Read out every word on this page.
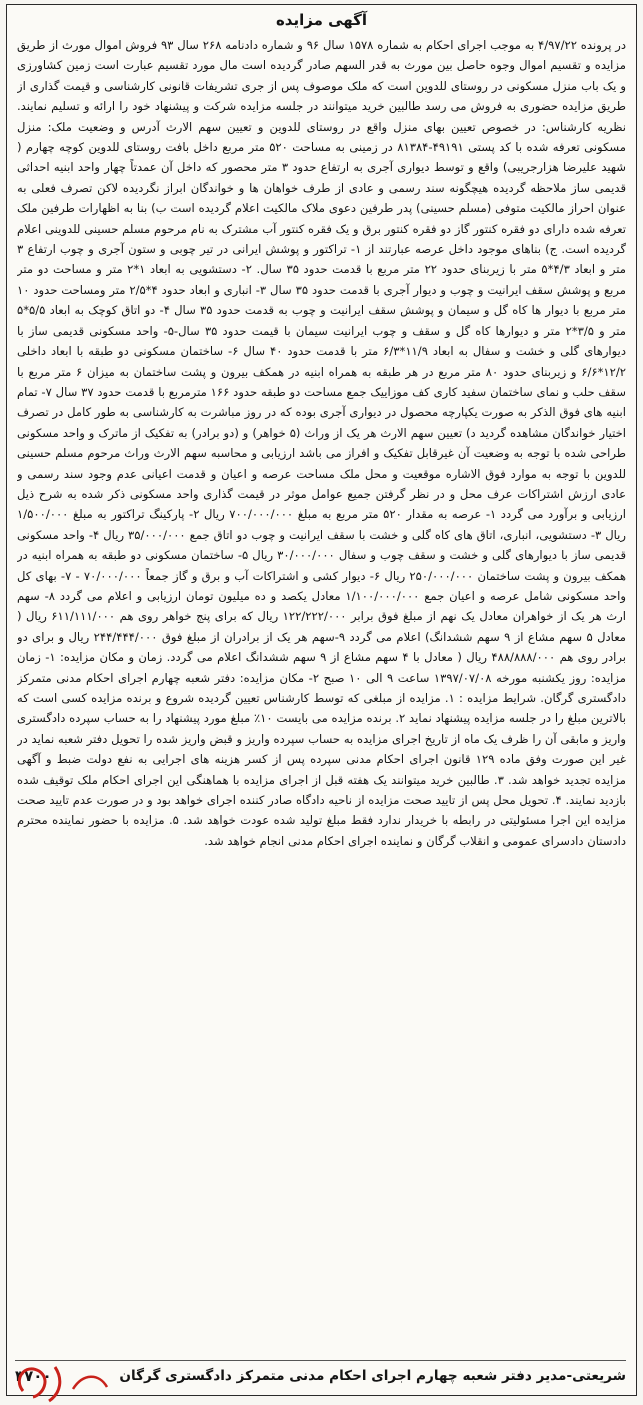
آگهی مزایده

در پرونده ۴/۹۷/۲۲ به موجب اجرای احکام به شماره ۱۵۷۸ سال ۹۶ و شماره دادنامه ۲۶۸ سال ۹۳ فروش اموال مورث از طریق مزایده و تقسیم اموال وجوه حاصل بین مورث به قدر السهم صادر گردیده است مال مورد تقسیم عبارت است زمین کشاورزی و یک باب منزل مسکونی در روستای للدوین است که ملک موصوف پس از جری تشریفات قانونی کارشناسی و قیمت گذاری از طریق مزایده حضوری به فروش می رسد طالبین خرید میتوانند در جلسه مزایده شرکت و پیشنهاد خود را ارائه و تسلیم نمایند. نظریه کارشناس: در خصوص تعیین بهای منزل واقع در روستای للدوین و تعیین سهم الارث آدرس و وضعیت ملک: منزل مسکونی تعرفه شده با کد پستی ۴۹۱۹۱-۸۱۳۸۴ در زمینی به مساحت ۵۲۰ متر مربع داخل بافت روستای للدوین کوچه چهارم ( شهید علیرضا هزارجریبی) واقع و توسط دیواری آجری به ارتفاع حدود ۳ متر محصور که داخل آن عمدتاً چهار واحد ابنیه احداثی قدیمی ساز ملاحظه گردیده هیچگونه سند رسمی و عادی از طرف خواهان ها و خواندگان ابراز نگردیده لاکن تصرف فعلی به عنوان احراز مالکیت متوفی (مسلم حسینی) پدر طرفین دعوی ملاک مالکیت اعلام گردیده است ب) بنا به اظهارات طرفین ملک تعرفه شده دارای دو فقره کنتور گاز دو فقره کنتور برق و یک فقره کنتور آب مشترک به نام مرحوم مسلم حسینی للدوینی اعلام گردیده است. ج) بناهای موجود داخل عرصه عبارتند از ۱- تراکتور و پوشش ایرانی در تیر چوبی و ستون آجری و چوب ارتفاع ۳ متر و ابعاد ۴/۳*۵ متر با زیربنای حدود ۲۲ متر مربع با قدمت حدود ۳۵ سال. ۲- دستشویی به ابعاد ۱*۲ متر و مساحت دو متر مربع و پوشش سقف ایرانیت و چوب و دیوار آجری با قدمت حدود ۳۵ سال ۳- انباری و ابعاد حدود ۴*۲/۵ متر ومساحت حدود ۱۰ متر مربع با دیوار ها کاه گل و سیمان و پوشش سقف ایرانیت و چوب به قدمت حدود ۳۵ سال ۴- دو اتاق کوچک به ابعاد ۵/۵*۵ متر و ۳/۵*۲ متر و دیوارها کاه گل و سقف و چوب ایرانیت سیمان با قیمت حدود ۳۵ سال-۵- واحد مسکونی قدیمی ساز با دیوارهای گلی و خشت و سفال به ابعاد ۱۱/۹*۶/۳ متر با قدمت حدود ۴۰ سال ۶- ساختمان مسکونی دو طبقه با ابعاد داخلی ۱۲/۲*۶/۶ و زیربنای حدود ۸۰ متر مربع در هر طبقه به همراه ابنیه در همکف بیرون و پشت ساختمان به میزان ۶ متر مربع با سقف حلب و نمای ساختمان سفید کاری کف موزاییک جمع مساحت دو طبقه حدود ۱۶۶ مترمربع با قدمت حدود ۳۷ سال ۷- تمام ابنیه های فوق الذکر به صورت یکپارچه محصول در دیواری آجری بوده که در روز مباشرت به کارشناسی به طور کامل در تصرف اختیار خواندگان مشاهده گردید د) تعیین سهم الارث هر یک از وراث (۵ خواهر) و (دو برادر) به تفکیک از ماترک و واحد مسکونی طراحی شده با توجه به وضعیت آن غیرقابل تفکیک و افراز می باشد ارزیابی و محاسبه سهم الارث وراث مرحوم مسلم حسینی للدوین با توجه به موارد فوق الاشاره موقعیت و محل ملک مساحت عرصه و اعیان و قدمت اعیانی عدم وجود سند رسمی و عادی ارزش اشتراکات عرف محل و در نظر گرفتن جمیع عوامل موثر در قیمت گذاری واحد مسکونی ذکر شده به شرح ذیل ارزیابی و برآورد می گردد ۱- عرصه به مقدار ۵۲۰ متر مربع به مبلغ ۷۰۰/۰۰۰/۰۰۰ ریال ۲- پارکینگ تراکتور به مبلغ ۱/۵۰۰/۰۰۰ ریال ۳- دستشویی، انباری، اتاق های کاه گلی و خشت با سقف ایرانیت و چوب دو اتاق جمع ۳۵/۰۰۰/۰۰۰ ریال ۴- واحد مسکونی قدیمی ساز با دیوارهای گلی و خشت و سقف چوب و سفال ۳۰/۰۰۰/۰۰۰ ریال ۵- ساختمان مسکونی دو طبقه به همراه ابنیه در همکف بیرون و پشت ساختمان ۲۵۰/۰۰۰/۰۰۰ ریال ۶- دیوار کشی و اشتراکات آب و برق و گاز جمعاً ۷۰/۰۰۰/۰۰۰ - ۷- بهای کل واحد مسکونی شامل عرصه و اعیان جمع ۱/۱۰۰/۰۰۰/۰۰۰ معادل یکصد و ده میلیون تومان ارزیابی و اعلام می گردد ۸- سهم ارث هر یک از خواهران معادل یک نهم از مبلغ فوق برابر ۱۲۲/۲۲۲/۰۰۰ ریال که برای پنج خواهر روی هم ۶۱۱/۱۱۱/۰۰۰ ریال ( معادل ۵ سهم مشاع از ۹ سهم ششدانگ) اعلام می گردد ۹-سهم هر یک از برادران از مبلغ فوق ۲۴۴/۴۴۴/۰۰۰ ریال و برای دو برادر روی هم ۴۸۸/۸۸۸/۰۰۰ ریال ( معادل با ۴ سهم مشاع از ۹ سهم ششدانگ اعلام می گردد. زمان و مکان مزایده: ۱- زمان مزایده: روز یکشنبه مورخه ۱۳۹۷/۰۷/۰۸ ساعت ۹ الی ۱۰ صبح ۲- مکان مزایده: دفتر شعبه چهارم اجرای احکام مدنی متمرکز دادگستری گرگان. شرایط مزایده : ۱. مزایده از مبلغی که توسط کارشناس تعیین گردیده شروع و برنده مزایده کسی است که بالاترین مبلغ را در جلسه مزایده پیشنهاد نماید ۲. برنده مزایده می بایست ۱۰٪ مبلغ مورد پیشنهاد را به حساب سپرده دادگستری واریز و مابقی آن را ظرف یک ماه از تاریخ اجرای مزایده به حساب سپرده واریز و قبض واریز شده را تحویل دفتر شعبه نماید در غیر این صورت وفق ماده ۱۲۹ قانون اجرای احکام مدنی سپرده پس از کسر هزینه های اجرایی به نفع دولت ضبط و آگهی مزایده تجدید خواهد شد. ۳. طالبین خرید میتوانند یک هفته قبل از اجرای مزایده با هماهنگی این اجرای احکام ملک توقیف شده بازدید نمایند. ۴. تحویل محل پس از تایید صحت مزایده از ناحیه دادگاه صادر کننده اجرای خواهد بود و در صورت عدم تایید صحت مزایده این اجرا مسئولیتی در رابطه با خریدار ندارد فقط مبلغ تولید شده عودت خواهد شد. ۵. مزایده با حضور نماینده محترم دادستان دادسرای عمومی و انقلاب گرگان و نماینده اجرای احکام مدنی انجام خواهد شد.

شریعتی-مدیر دفتر شعبه چهارم اجرای احکام مدنی متمرکز دادگستری گرگان
۳۷۰۰
